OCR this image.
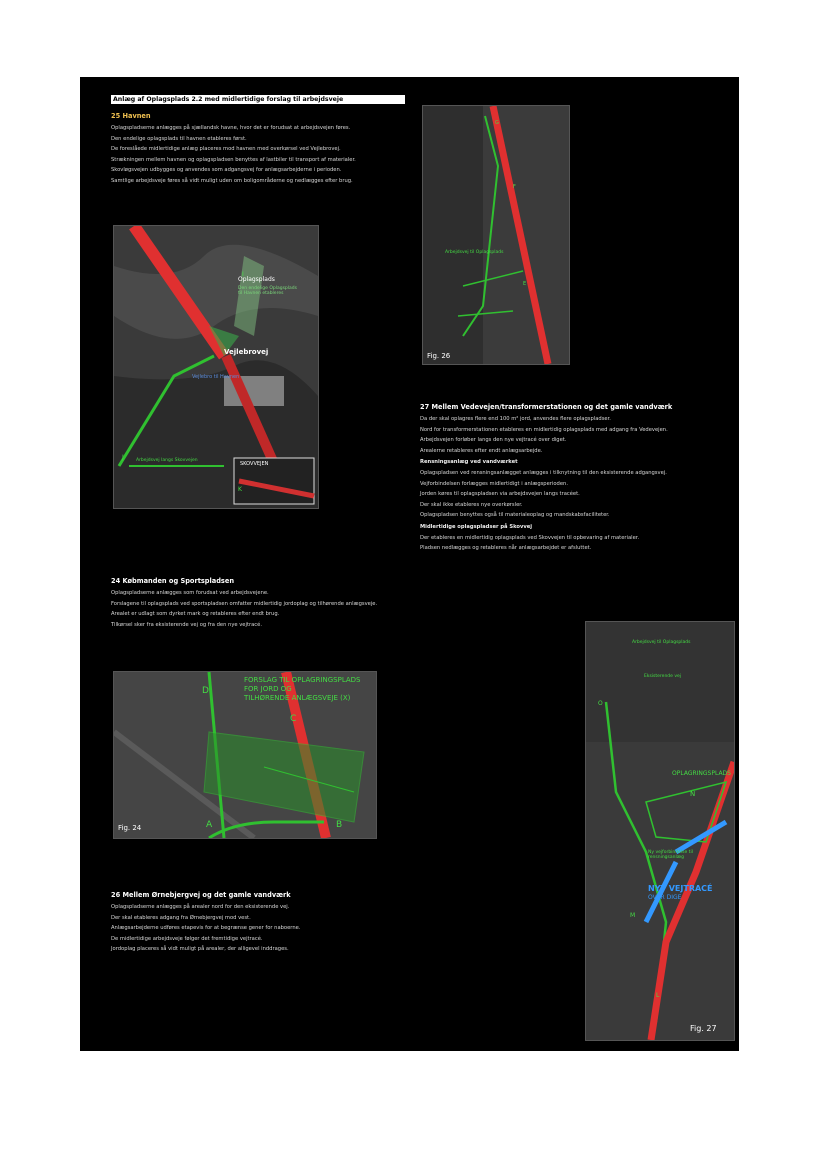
Anlæg af Oplagsplads 2.2 med midlertidige forslag til arbejdsveje
25 Havnen

Oplagspladserne anlægges på sjællandsk havne, hvor det er forudsat at arbejdsvejen føres.

Den endelige oplagsplads til havnen etableres først.

De foreslåede midlertidige anlæg placeres mod havnen med overkørsel ved Vejlebrovej.

Strækningen mellem havnen og oplagspladsen benyttes af lastbiler til transport af materialer.

Skovløgsvejen udbygges og anvendes som adgangsvej for anlægsarbejderne i perioden.

Samtlige arbejdsveje føres så vidt muligt uden om boligområderne og nedlægges efter brug.

Oplagsplads
Den endelige Oplagsplads til Havnen etableres
Vejlebrovej
Vejlebro til Havnen
SKOVVEJEN
J
K
I
Arbejdsvej langs Skovvejen
G
F
E
Arbejdsvej til Oplagsplads
Fig. 26
27 Mellem Vedevejen/transformerstationen og det gamle vandværk

Da der skal oplagres flere end 100 m² jord, anvendes flere oplagspladser.

Nord for transformerstationen etableres en midlertidig oplagsplads med adgang fra Vedevejen.

Arbejdsvejen forløber langs den nye vejtracé over diget.

Arealerne retableres efter endt anlægsarbejde.

Rensningsanlæg ved vandværket

Oplagspladsen ved rensningsanlægget anlægges i tilknytning til den eksisterende adgangsvej.

Vejforbindelsen forlægges midlertidigt i anlægsperioden.

Jorden køres til oplagspladsen via arbejdsvejen langs tracéet.

Der skal ikke etableres nye overkørsler.

Oplagspladsen benyttes også til materialeoplag og mandskabsfaciliteter.

Midlertidige oplagspladser på Skovvej

Der etableres en midlertidig oplagsplads ved Skovvejen til opbevaring af materialer.

Pladsen nedlægges og retableres når anlægsarbejdet er afsluttet.

24 Købmanden og Sportspladsen

Oplagspladserne anlægges som forudsat ved arbejdsvejene.

Forslagene til oplagsplads ved sportspladsen omfatter midlertidig jordoplag og tilhørende anlægsveje.

Arealet er udlagt som dyrket mark og retableres efter endt brug.

Tilkørsel sker fra eksisterende vej og fra den nye vejtracé.

FORSLAG TIL OPLAGRINGSPLADS
FOR JORD OG
TILHØRENDE ANLÆGSVEJE (X)
D
C
A	B
Fig. 24
Arbejdsvej til Oplagsplads
Eksisterende vej
OPLAGRINGSPLADS
N
Ny vejforbindelse til rensningsanlæg
NYT VEJTRACÉ
OVER DIGE
M
L
O
Fig. 27
26 Mellem Ørnebjergvej og det gamle vandværk

Oplagspladserne anlægges på arealer nord for den eksisterende vej.

Der skal etableres adgang fra Ørnebjergvej mod vest.

Anlægsarbejderne udføres etapevis for at begrænse gener for naboerne.

De midlertidige arbejdsveje følger det fremtidige vejtracé.

Jordoplag placeres så vidt muligt på arealer, der alligevel inddrages.
